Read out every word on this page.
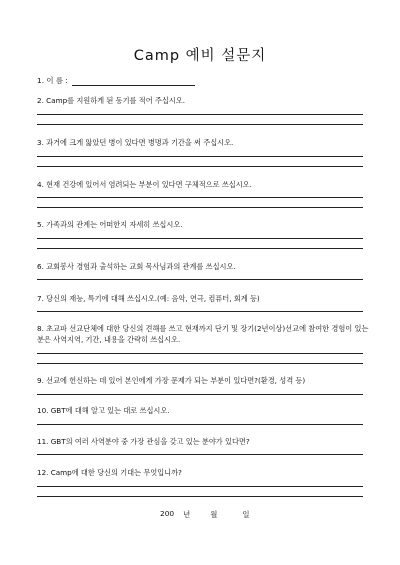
Camp 예비 설문지
1. 이 름 :
2. Camp를 지원하게 된 동기를 적어 주십시오.
3. 과거에 크게 앓았던 병이 있다면 병명과 기간을 써 주십시오.
4. 현재 건강에 있어서 염려되는 부분이 있다면 구체적으로 쓰십시오.
5. 가족과의 관계는 어떠한지 자세히 쓰십시오.
6. 교회봉사 경험과 출석하는 교회 목사님과의 관계를 쓰십시오.
7. 당신의 재능, 특기에 대해 쓰십시오.(예: 음악, 연극, 컴퓨터, 회계 등)
8. 초교파 선교단체에 대한 당신의 견해를 쓰고 현재까지 단기 및 장기(2년이상)선교에 참여한 경험이 있는 분은 사역지역, 기간, 내용을 간략히 쓰십시오.
9. 선교에 헌신하는 데 있어 본인에게 가장 문제가 되는 부분이 있다면?(환경, 성격 등)
10. GBT에 대해 알고 있는 대로 쓰십시오.
11. GBT의 여러 사역분야 중 가장 관심을 갖고 있는 분야가 있다면?
12. Camp에 대한 당신의 기대는 무엇입니까?
200 년	월	일
